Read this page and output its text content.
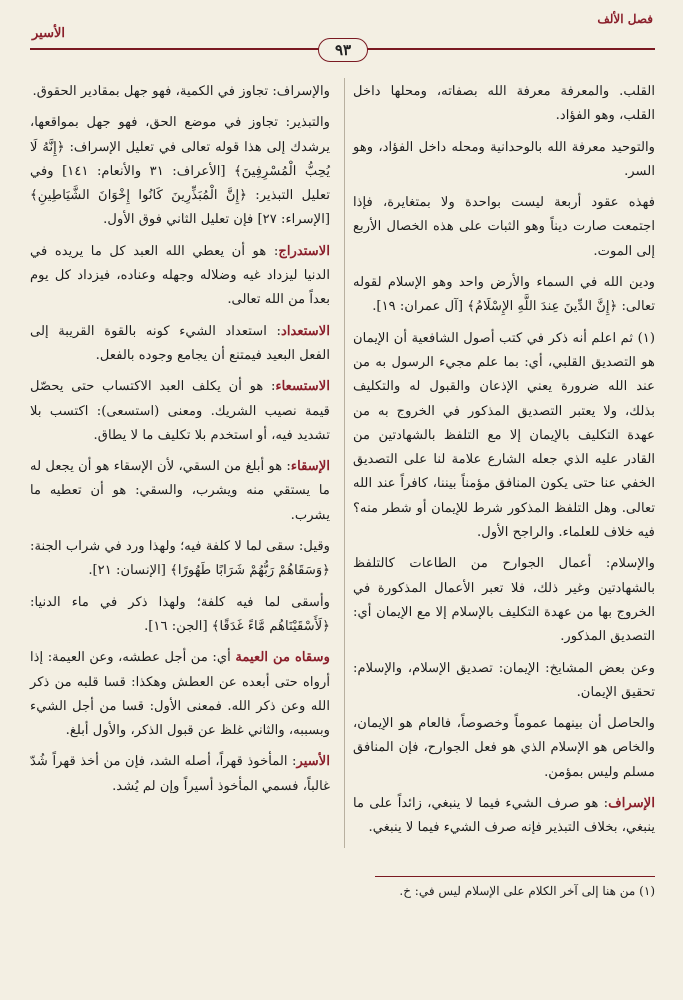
فصل الألف
الأسير
٩٣

القلب. والمعرفة معرفة الله بصفاته، ومحلها داخل القلب، وهو الفؤاد.

والتوحيد معرفة الله بالوحدانية ومحله داخل الفؤاد، وهو السر.

فهذه عقود أربعة ليست بواحدة ولا بمتغايرة، فإذا اجتمعت صارت ديناً وهو الثبات على هذه الخصال الأربع إلى الموت.

ودين الله في السماء والأرض واحد وهو الإسلام لقوله تعالى: ﴿إِنَّ الدِّينَ عِندَ اللَّهِ الإِسْلَامُ﴾ [آل عمران: ١٩].

(١) ثم اعلم أنه ذكر في كتب أصول الشافعية أن الإيمان هو التصديق القلبي، أي: بما علم مجيء الرسول به من عند الله ضرورة يعني الإذعان والقبول له والتكليف بذلك، ولا يعتبر التصديق المذكور في الخروج به من عهدة التكليف بالإيمان إلا مع التلفظ بالشهادتين من القادر عليه الذي جعله الشارع علامة لنا على التصديق الخفي عنا حتى يكون المنافق مؤمناً بيننا، كافراً عند الله تعالى. وهل التلفظ المذكور شرط للإيمان أو شطر منه؟ فيه خلاف للعلماء. والراجح الأول.

والإسلام: أعمال الجوارح من الطاعات كالتلفظ بالشهادتين وغير ذلك، فلا تعبر الأعمال المذكورة في الخروج بها من عهدة التكليف بالإسلام إلا مع الإيمان أي: التصديق المذكور.

وعن بعض المشايخ: الإيمان: تصديق الإسلام، والإسلام: تحقيق الإيمان.

والحاصل أن بينهما عموماً وخصوصاً، فالعام هو الإيمان، والخاص هو الإسلام الذي هو فعل الجوارح، فإن المنافق مسلم وليس بمؤمن.

الإسراف: هو صرف الشيء فيما لا ينبغي، زائداً على ما ينبغي، بخلاف التبذير فإنه صرف الشيء فيما لا ينبغي.

والإسراف: تجاوز في الكمية، فهو جهل بمقادير الحقوق.

والتبذير: تجاوز في موضع الحق، فهو جهل بمواقعها، يرشدك إلى هذا قوله تعالى في تعليل الإسراف: ﴿إِنَّهُ لَا يُحِبُّ الْمُسْرِفِينَ﴾ [الأعراف: ٣١ والأنعام: ١٤١] وفي تعليل التبذير: ﴿إِنَّ الْمُبَذِّرِينَ كَانُوا إِخْوَانَ الشَّيَاطِينِ﴾ [الإسراء: ٢٧] فإن تعليل الثاني فوق الأول.

الاستدراج: هو أن يعطي الله العبد كل ما يريده في الدنيا ليزداد غيه وضلاله وجهله وعناده، فيزداد كل يوم بعداً من الله تعالى.

الاستعداد: استعداد الشيء كونه بالقوة القريبة إلى الفعل البعيد فيمتنع أن يجامع وجوده بالفعل.

الاستسعاء: هو أن يكلف العبد الاكتساب حتى يحصّل قيمة نصيب الشريك. ومعنى (استسعى): اكتسب بلا تشديد فيه، أو استخدم بلا تكليف ما لا يطاق.

الإسقاء: هو أبلغ من السقي، لأن الإسقاء هو أن يجعل له ما يستقي منه ويشرب، والسقي: هو أن تعطيه ما يشرب.

وقيل: سقى لما لا كلفة فيه؛ ولهذا ورد في شراب الجنة: ﴿وَسَقَاهُمْ رَبُّهُمْ شَرَابًا طَهُورًا﴾ [الإنسان: ٢١].

وأسقى لما فيه كلفة؛ ولهذا ذكر في ماء الدنيا: ﴿لَأَسْقَيْنَاهُم مَّاءً غَدَقًا﴾ [الجن: ١٦].

وسقاه من العيمة أي: من أجل عطشه، وعن العيمة: إذا أرواه حتى أبعده عن العطش وهكذا: قسا قلبه من ذكر الله وعن ذكر الله. فمعنى الأول: قسا من أجل الشيء وبسببه، والثاني غلظ عن قبول الذكر، والأول أبلغ.

الأسير: المأخوذ قهراً، أصله الشد، فإن من أخذ قهراً شُدّ غالباً، فسمي المأخوذ أسيراً وإن لم يُشد.

(١) من هنا إلى آخر الكلام على الإسلام ليس في: خ.
